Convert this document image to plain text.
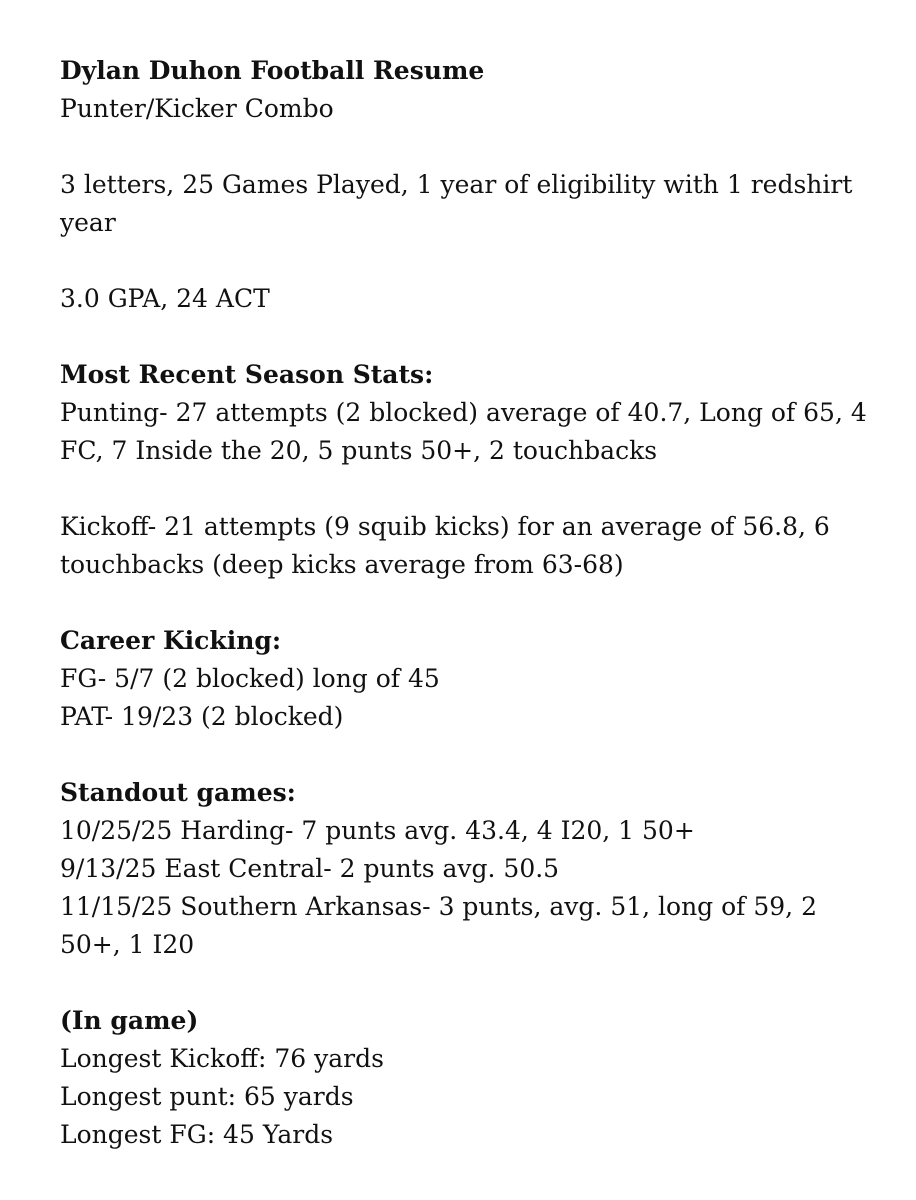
Dylan Duhon Football Resume

Punter/Kicker Combo

3 letters, 25 Games Played, 1 year of eligibility with 1 redshirt year

3.0 GPA, 24 ACT

Most Recent Season Stats:

Punting- 27 attempts (2 blocked) average of 40.7, Long of 65, 4 FC, 7 Inside the 20, 5 punts 50+, 2 touchbacks

Kickoff- 21 attempts (9 squib kicks) for an average of 56.8, 6 touchbacks (deep kicks average from 63-68)

Career Kicking:

FG- 5/7 (2 blocked) long of 45

PAT- 19/23 (2 blocked)

Standout games:

10/25/25 Harding- 7 punts avg. 43.4, 4 I20, 1 50+

9/13/25 East Central- 2 punts avg. 50.5

11/15/25 Southern Arkansas- 3 punts, avg. 51, long of 59, 2 50+, 1 I20

(In game)

Longest Kickoff: 76 yards

Longest punt: 65 yards

Longest FG: 45 Yards
